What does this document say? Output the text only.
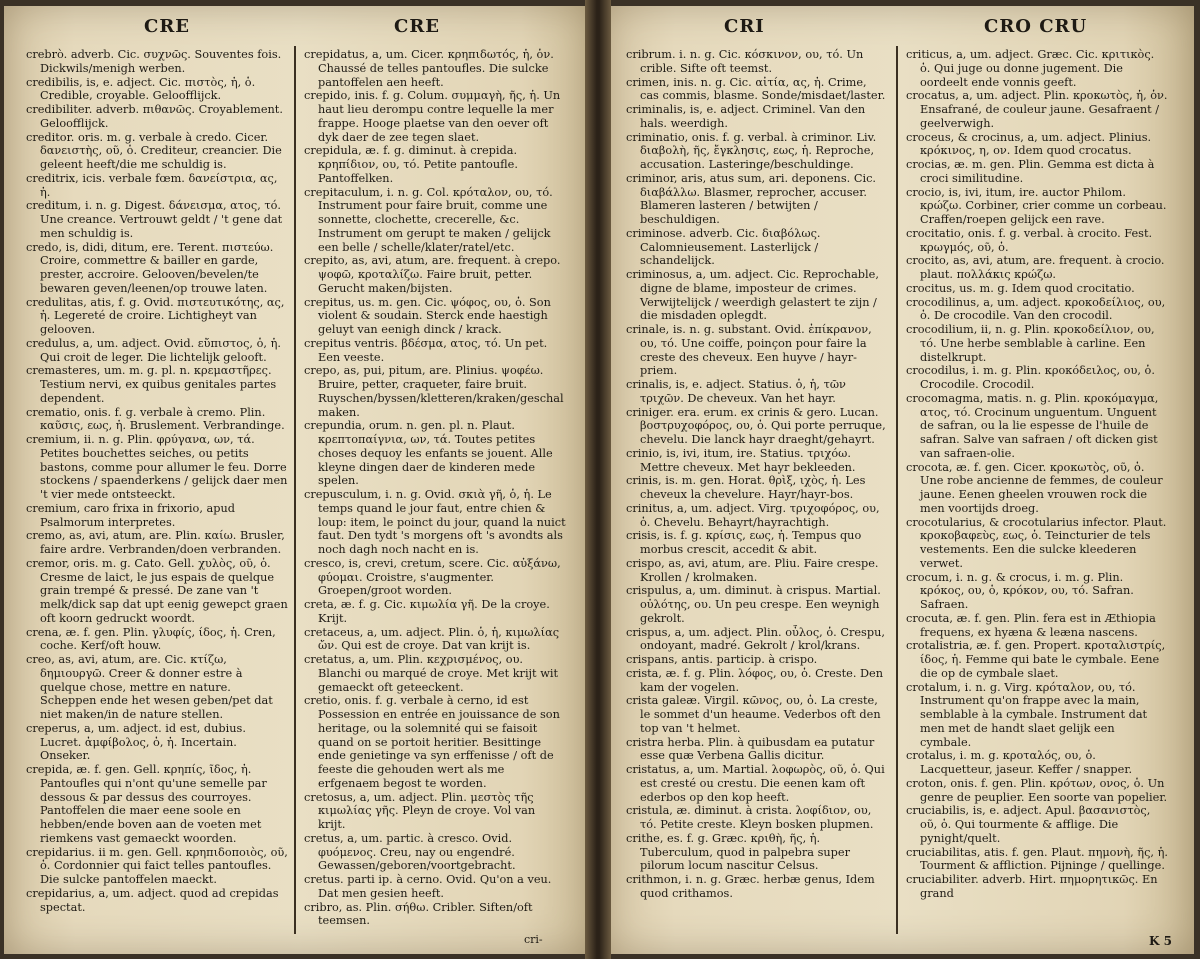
CRE	CRE

crebrò. adverb. Cic. συχνῶς. Souventes fois. Dickwils/menigh werben.

credibilis, is, e. adject. Cic. πιστὸς, ἡ, ὁ. Credible, croyable. Geloofflijck.

credibiliter. adverb. πιθανῶς. Croyablement. Geloofflijck.

creditor. oris. m. g. verbale à credo. Cicer. δανειστὴς, οῦ, ὁ. Crediteur, creancier. Die geleent heeft/die me schuldig is.

creditrix, icis. verbale fœm. δανείστρια, ας, ἡ.

creditum, i. n. g. Digest. δάνεισμα, ατος, τό. Une creance. Vertrouwt geldt / 't gene dat men schuldig is.

credo, is, didi, ditum, ere. Terent. πιστεύω. Croire, commettre & bailler en garde, prester, accroire. Gelooven/bevelen/te bewaren geven/leenen/op trouwe laten.

credulitas, atis, f. g. Ovid. πιστευτικότης, ας, ἡ. Legereté de croire. Lichtigheyt van gelooven.

credulus, a, um. adject. Ovid. εὔπιστος, ὁ, ἡ. Qui croit de leger. Die lichtelijk gelooft.

cremasteres, um. m. g. pl. n. κρεμαστῆρες. Testium nervi, ex quibus genitales partes dependent.

crematio, onis. f. g. verbale à cremo. Plin. καῦσις, εως, ἡ. Bruslement. Verbrandinge.

cremium, ii. n. g. Plin. φρύγανα, ων, τά. Petites bouchettes seiches, ou petits bastons, comme pour allumer le feu. Dorre stockens / spaenderkens / gelijck daer men 't vier mede ontsteeckt.

cremium, caro frixa in frixorio, apud Psalmorum interpretes.

cremo, as, avi, atum, are. Plin. καίω. Brusler, faire ardre. Verbranden/doen verbranden.

cremor, oris. m. g. Cato. Gell. χυλὸς, οῦ, ὁ. Cresme de laict, le jus espais de quelque grain trempé & pressé. De zane van 't melk/dick sap dat upt eenig gewepct graen oft koorn gedruckt woordt.

crena, æ. f. gen. Plin. γλυφίς, ίδος, ἡ. Cren, coche. Kerf/oft houw.

creo, as, avi, atum, are. Cic. κτίζω, δημιουργῶ. Creer & donner estre à quelque chose, mettre en nature. Scheppen ende het wesen geben/pet dat niet maken/in de nature stellen.

creperus, a, um. adject. id est, dubius. Lucret. ἀμφίβολος, ὁ, ἡ. Incertain. Onseker.

crepida, æ. f. gen. Gell. κρηπίς, ῖδος, ἡ. Pantoufles qui n'ont qu'une semelle par dessous & par dessus des courroyes. Pantoffelen die maer eene soole en hebben/ende boven aan de voeten met riemkens vast gemaeckt woorden.

crepidarius. ii m. gen. Gell. κρηπιδοποιὸς, οῦ, ὁ. Cordonnier qui faict telles pantoufles. Die sulcke pantoffelen maeckt.

crepidarius, a, um. adject. quod ad crepidas spectat.

crepidatus, a, um. Cicer. κρηπιδωτός, ἡ, ὁν. Chaussé de telles pantoufles. Die sulcke pantoffelen aen heeft.

crepido, inis. f. g. Colum. συμμαγὴ, ῆς, ἡ. Un haut lieu derompu contre lequelle la mer frappe. Hooge plaetse van den oever oft dyk daer de zee tegen slaet.

crepidula, æ. f. g. diminut. à crepida. κρηπίδιον, ου, τό. Petite pantoufle. Pantoffelken.

crepitaculum, i. n. g. Col. κρόταλον, ου, τό. Instrument pour faire bruit, comme une sonnette, clochette, crecerelle, &c. Instrument om gerupt te maken / gelijck een belle / schelle/klater/ratel/etc.

crepito, as, avi, atum, are. frequent. à crepo. ψοφῶ, κροταλίζω. Faire bruit, petter. Gerucht maken/bijsten.

crepitus, us. m. gen. Cic. ψόφος, ου, ὁ. Son violent & soudain. Sterck ende haestigh geluyt van eenigh dinck / krack.

crepitus ventris. βδέσμα, ατος, τό. Un pet. Een veeste.

crepo, as, pui, pitum, are. Plinius. ψοφέω. Bruire, petter, craqueter, faire bruit. Ruyschen/byssen/kletteren/kraken/geschal maken.

crepundia, orum. n. gen. pl. n. Plaut. κρεπτοπαίγνια, ων, τά. Toutes petites choses dequoy les enfants se jouent. Alle kleyne dingen daer de kinderen mede spelen.

crepusculum, i. n. g. Ovid. σκιὰ γῆ, ὁ, ἡ. Le temps quand le jour faut, entre chien & loup: item, le poinct du jour, quand la nuict faut. Den tydt 's morgens oft 's avondts als noch dagh noch nacht en is.

cresco, is, crevi, cretum, scere. Cic. αὐξάνω, φύομαι. Croistre, s'augmenter. Groepen/groot worden.

creta, æ. f. g. Cic. κιμωλία γῆ. De la croye. Krijt.

cretaceus, a, um. adject. Plin. ὁ, ἡ, κιμωλίας ὤν. Qui est de croye. Dat van krijt is.

cretatus, a, um. Plin. κεχρισμένος, ου. Blanchi ou marqué de croye. Met krijt wit gemaeckt oft geteeckent.

cretio, onis. f. g. verbale à cerno, id est Possession en entrée en jouissance de son heritage, ou la solemnité qui se faisoit quand on se portoit heritier. Besittinge ende genietinge va syn erffenisse / oft de feeste die gehouden wert als me erfgenaem begost te worden.

cretosus, a, um. adject. Plin. μεστὸς τῆς κιμωλίας γῆς. Pleyn de croye. Vol van krijt.

cretus, a, um. partic. à cresco. Ovid. φυόμενος. Creu, nay ou engendré. Gewassen/geboren/voortgebracht.

cretus. parti ip. à cerno. Ovid. Qu'on a veu. Dat men gesien heeft.

cribro, as. Plin. σήθω. Cribler. Siften/oft teemsen.

cri-
CRI	CRO CRU

cribrum. i. n. g. Cic. κόσκινον, ου, τό. Un crible. Sifte oft teemst.

crimen, inis. n. g. Cic. αἰτία, ας, ἡ. Crime, cas commis, blasme. Sonde/misdaet/laster.

criminalis, is, e. adject. Criminel. Van den hals. weerdigh.

criminatio, onis. f. g. verbal. à criminor. Liv. διαβολὴ, ῆς, ἔγκλησις, εως, ἡ. Reproche, accusation. Lasteringe/beschuldinge.

criminor, aris, atus sum, ari. deponens. Cic. διαβάλλω. Blasmer, reprocher, accuser. Blameren lasteren / betwijten / beschuldigen.

criminose. adverb. Cic. διαβόλως. Calomnieusement. Lasterlijck / schandelijck.

criminosus, a, um. adject. Cic. Reprochable, digne de blame, imposteur de crimes. Verwijtelijck / weerdigh gelastert te zijn / die misdaden oplegdt.

crinale, is. n. g. substant. Ovid. ἐπίκρανον, ου, τό. Une coiffe, poinçon pour faire la creste des cheveux. Een huyve / hayr-priem.

crinalis, is, e. adject. Statius. ὁ, ἡ, τῶν τριχῶν. De cheveux. Van het hayr.

criniger. era. erum. ex crinis & gero. Lucan. βοστρυχοφόρος, ου, ὁ. Qui porte perruque, chevelu. Die lanck hayr draeght/gehayrt.

crinio, is, ivi, itum, ire. Statius. τριχόω. Mettre cheveux. Met hayr bekleeden.

crinis, is. m. gen. Horat. θρὶξ, ιχὸς, ἡ. Les cheveux la chevelure. Hayr/hayr-bos.

crinitus, a, um. adject. Virg. τριχοφόρος, ου, ὁ. Chevelu. Behayrt/hayrachtigh.

crisis, is. f. g. κρίσις, εως, ἡ. Tempus quo morbus crescit, accedit & abit.

crispo, as, avi, atum, are. Pliu. Faire crespe. Krollen / krolmaken.

crispulus, a, um. diminut. à crispus. Martial. οὐλότης, ου. Un peu crespe. Een weynigh gekrolt.

crispus, a, um. adject. Plin. οὖλος, ὁ. Crespu, ondoyant, madré. Gekrolt / krol/krans.

crispans, antis. particip. à crispo.

crista, æ. f. g. Plin. λόφος, ου, ὁ. Creste. Den kam der vogelen.

crista galeæ. Virgil. κῶνος, ου, ὁ. La creste, le sommet d'un heaume. Vederbos oft den top van 't helmet.

cristra herba. Plin. à quibusdam ea putatur esse quæ Verbena Gallis dicitur.

cristatus, a, um. Martial. λοφωρὸς, οῦ, ὁ. Qui est cresté ou crestu. Die eenen kam oft ederbos op den kop heeft.

cristula, æ. diminut. à crista. λοφίδιον, ου, τό. Petite creste. Kleyn bosken plupmen.

crithe, es. f. g. Græc. κριθὴ, ῆς, ἡ. Tuberculum, quod in palpebra super pilorum locum nascitur Celsus.

crithmon, i. n. g. Græc. herbæ genus, Idem quod crithamos.

criticus, a, um. adject. Græc. Cic. κριτικὸς. ὁ. Qui juge ou donne jugement. Die oordeelt ende vonnis geeft.

crocatus, a, um. adject. Plin. κροκωτὸς, ἡ, ὁν. Ensafrané, de couleur jaune. Gesafraent / geelverwigh.

croceus, & crocinus, a, um. adject. Plinius. κρόκινος, η, ον. Idem quod crocatus.

crocias, æ. m. gen. Plin. Gemma est dicta à croci similitudine.

crocio, is, ivi, itum, ire. auctor Philom. κρώζω. Corbiner, crier comme un corbeau. Craffen/roepen gelijck een rave.

crocitatio, onis. f. g. verbal. à crocito. Fest. κρωγμός, οῦ, ὁ.

crocito, as, avi, atum, are. frequent. à crocio. plaut. πολλάκις κρώζω.

crocitus, us. m. g. Idem quod crocitatio.

crocodilinus, a, um. adject. κροκοδείλιος, ου, ὁ. De crocodile. Van den crocodil.

crocodilium, ii, n. g. Plin. κροκοδείλιον, ου, τό. Une herbe semblable à carline. Een distelkrupt.

crocodilus, i. m. g. Plin. κροκόδειλος, ου, ὁ. Crocodile. Crocodil.

crocomagma, matis. n. g. Plin. κροκόμαγμα, ατος, τό. Crocinum unguentum. Unguent de safran, ou la lie espesse de l'huile de safran. Salve van safraen / oft dicken gist van safraen-olie.

crocota, æ. f. gen. Cicer. κροκωτὸς, οῦ, ὁ. Une robe ancienne de femmes, de couleur jaune. Eenen gheelen vrouwen rock die men voortijds droeg.

crocotularius, & crocotularius infector. Plaut. κροκοβαφεὺς, εως, ὁ. Teincturier de tels vestements. Een die sulcke kleederen verwet.

crocum, i. n. g. & crocus, i. m. g. Plin. κρόκος, ου, ὁ, κρόκον, ου, τό. Safran. Safraen.

crocuta, æ. f. gen. Plin. fera est in Æthiopia frequens, ex hyæna & leæna nascens.

crotalistria, æ. f. gen. Propert. κροταλιστρίς, ίδος, ἡ. Femme qui bate le cymbale. Eene die op de cymbale slaet.

crotalum, i. n. g. Virg. κρόταλον, ου, τό. Instrument qu'on frappe avec la main, semblable à la cymbale. Instrument dat men met de handt slaet gelijk een cymbale.

crotalus, i. m. g. κροταλός, ου, ὁ. Lacquetteur, jaseur. Keffer / snapper.

croton, onis. f. gen. Plin. κρότων, ονος, ὁ. Un genre de peuplier. Een soorte van popelier.

cruciabilis, is, e. adject. Apul. βασανιστὸς, οῦ, ὁ. Qui tourmente & afflige. Die pynight/quelt.

cruciabilitas, atis. f. gen. Plaut. πημονὴ, ῆς, ἡ. Tourment & affliction. Pijninge / quellinge.

cruciabiliter. adverb. Hirt. πημορητικῶς. En grand

K 5
